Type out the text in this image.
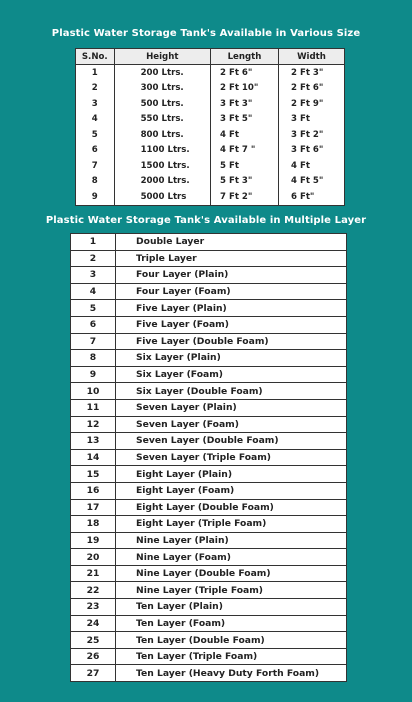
Plastic Water Storage Tank's Available in Various Size
S.No.	Height	Length	Width
1	200 Ltrs.	2 Ft 6"	2 Ft 3"
2	300 Ltrs.	2 Ft 10"	2 Ft 6"
3	500 Ltrs.	3 Ft 3"	2 Ft 9"
4	550 Ltrs.	3 Ft 5"	3 Ft
5	800 Ltrs.	4 Ft	3 Ft 2"
6	1100 Ltrs.	4 Ft 7 "	3 Ft 6"
7	1500 Ltrs.	5 Ft	4 Ft
8	2000 Ltrs.	5 Ft 3"	4 Ft 5"
9	5000 Ltrs	7 Ft 2"	6 Ft"
Plastic Water Storage Tank's Available in Multiple Layer
1	Double Layer
2	Triple Layer
3	Four Layer (Plain)
4	Four Layer (Foam)
5	Five Layer (Plain)
6	Five Layer (Foam)
7	Five Layer (Double Foam)
8	Six Layer (Plain)
9	Six Layer (Foam)
10	Six Layer (Double Foam)
11	Seven Layer (Plain)
12	Seven Layer (Foam)
13	Seven Layer (Double Foam)
14	Seven Layer (Triple Foam)
15	Eight Layer (Plain)
16	Eight Layer (Foam)
17	Eight Layer (Double Foam)
18	Eight Layer (Triple Foam)
19	Nine Layer (Plain)
20	Nine Layer (Foam)
21	Nine Layer (Double Foam)
22	Nine Layer (Triple Foam)
23	Ten Layer (Plain)
24	Ten Layer (Foam)
25	Ten Layer (Double Foam)
26	Ten Layer (Triple Foam)
27	Ten Layer (Heavy Duty Forth Foam)
